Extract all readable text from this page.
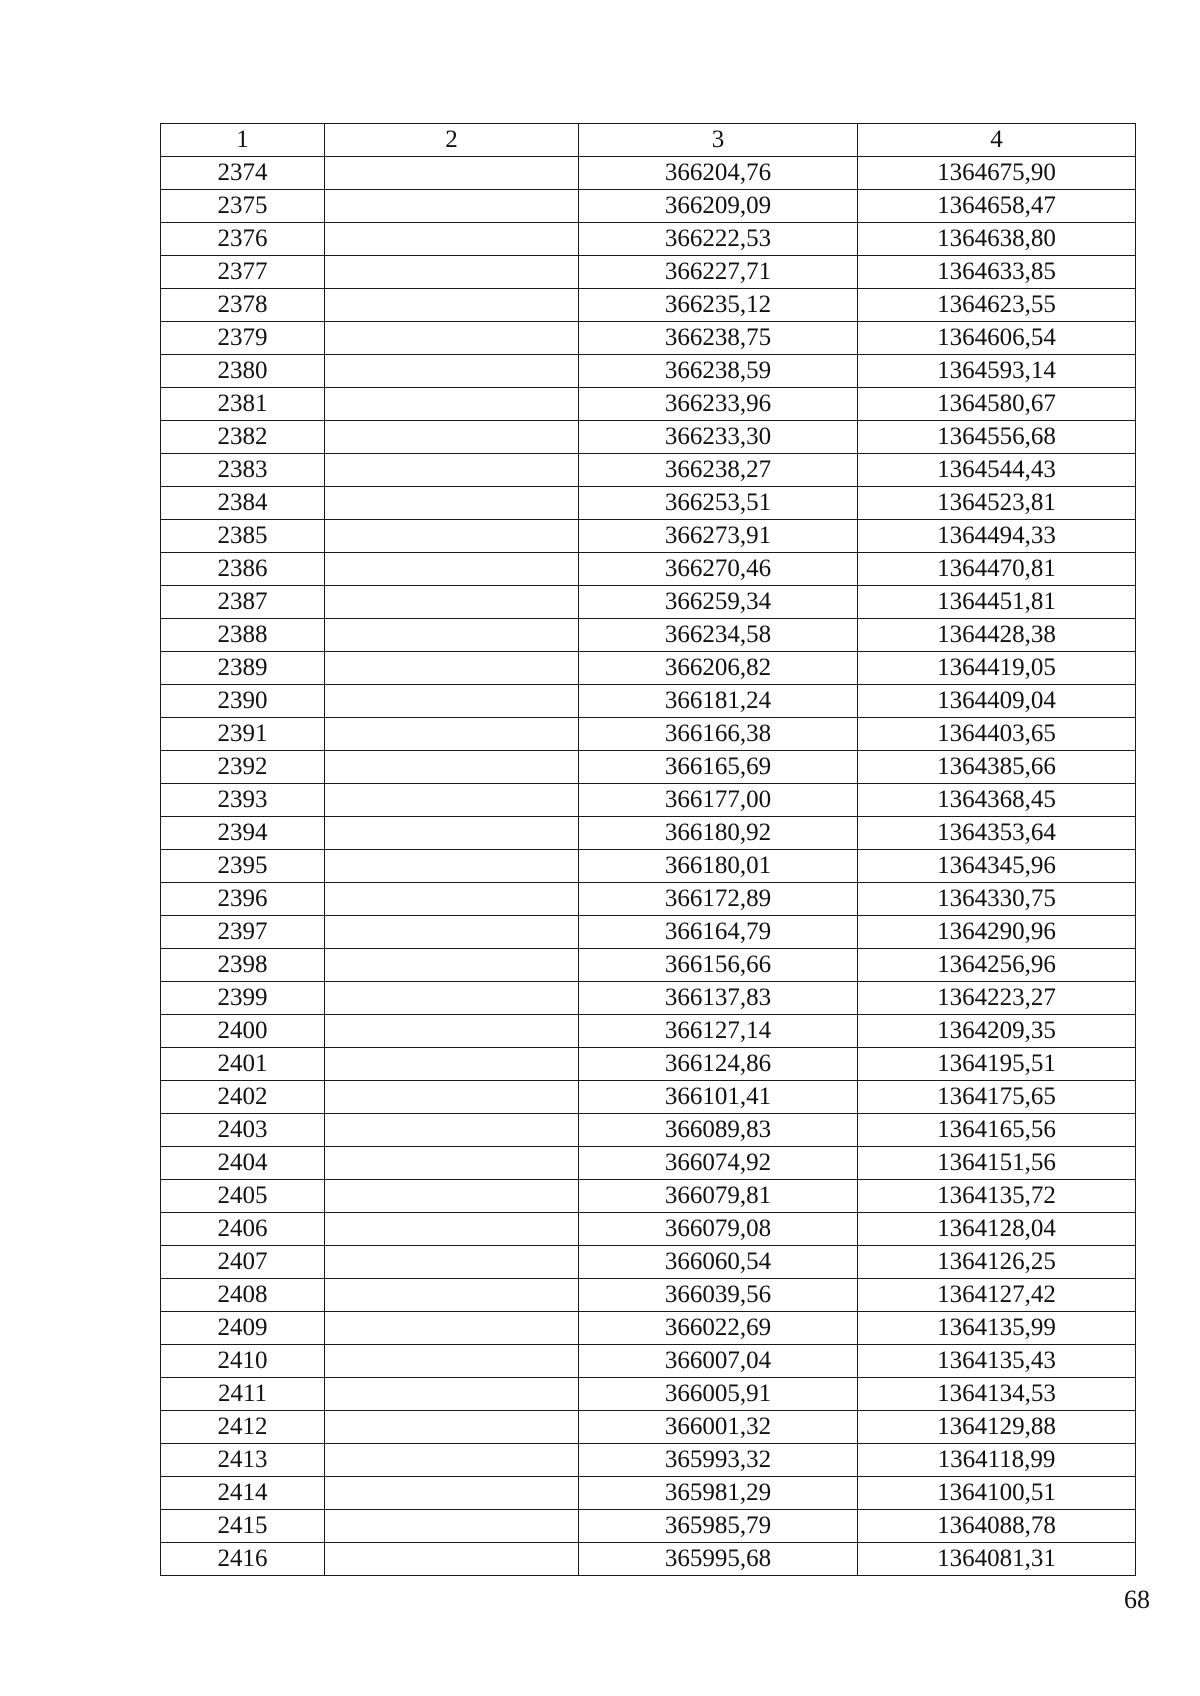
1	2	3	4
2374		366204,76	1364675,90
2375		366209,09	1364658,47
2376		366222,53	1364638,80
2377		366227,71	1364633,85
2378		366235,12	1364623,55
2379		366238,75	1364606,54
2380		366238,59	1364593,14
2381		366233,96	1364580,67
2382		366233,30	1364556,68
2383		366238,27	1364544,43
2384		366253,51	1364523,81
2385		366273,91	1364494,33
2386		366270,46	1364470,81
2387		366259,34	1364451,81
2388		366234,58	1364428,38
2389		366206,82	1364419,05
2390		366181,24	1364409,04
2391		366166,38	1364403,65
2392		366165,69	1364385,66
2393		366177,00	1364368,45
2394		366180,92	1364353,64
2395		366180,01	1364345,96
2396		366172,89	1364330,75
2397		366164,79	1364290,96
2398		366156,66	1364256,96
2399		366137,83	1364223,27
2400		366127,14	1364209,35
2401		366124,86	1364195,51
2402		366101,41	1364175,65
2403		366089,83	1364165,56
2404		366074,92	1364151,56
2405		366079,81	1364135,72
2406		366079,08	1364128,04
2407		366060,54	1364126,25
2408		366039,56	1364127,42
2409		366022,69	1364135,99
2410		366007,04	1364135,43
2411		366005,91	1364134,53
2412		366001,32	1364129,88
2413		365993,32	1364118,99
2414		365981,29	1364100,51
2415		365985,79	1364088,78
2416		365995,68	1364081,31
68
